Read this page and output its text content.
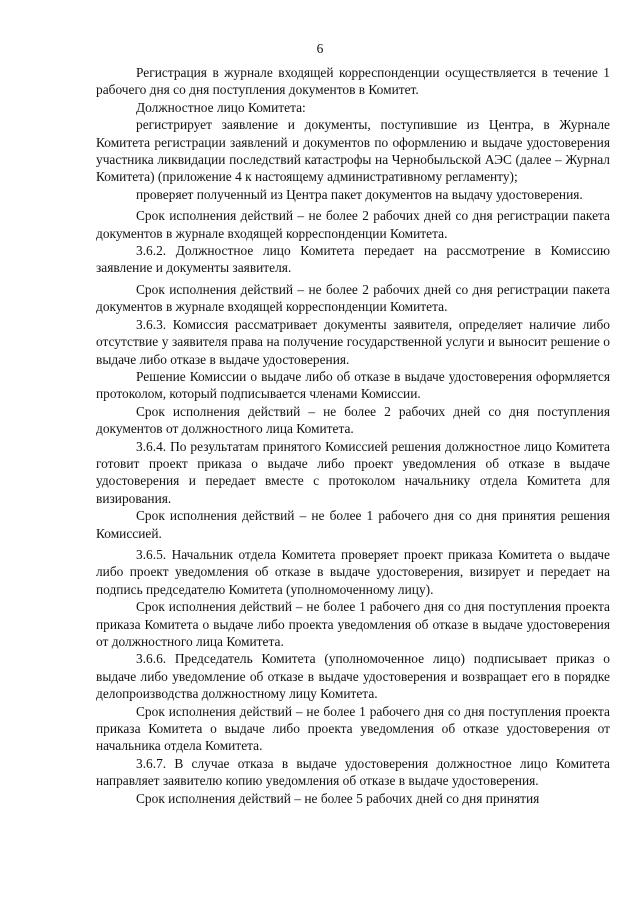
6

Регистрация в журнале входящей корреспонденции осуществляется в течение 1 рабочего дня со дня поступления документов в Комитет.

Должностное лицо Комитета:

регистрирует заявление и документы, поступившие из Центра, в Журнале Комитета регистрации заявлений и документов по оформлению и выдаче удостоверения участника ликвидации последствий катастрофы на Чернобыльской АЭС (далее – Журнал Комитета) (приложение 4 к настоящему административному регламенту);

проверяет полученный из Центра пакет документов на выдачу удостоверения.

Срок исполнения действий – не более 2 рабочих дней со дня регистрации пакета документов в журнале входящей корреспонденции Комитета.

3.6.2. Должностное лицо Комитета передает на рассмотрение в Комиссию заявление и документы заявителя.

Срок исполнения действий – не более 2 рабочих дней со дня регистрации пакета документов в журнале входящей корреспонденции Комитета.

3.6.3. Комиссия рассматривает документы заявителя, определяет наличие либо отсутствие у заявителя права на получение государственной услуги и выносит решение о выдаче либо отказе в выдаче удостоверения.

Решение Комиссии о выдаче либо об отказе в выдаче удостоверения оформляется протоколом, который подписывается членами Комиссии.

Срок исполнения действий – не более 2 рабочих дней со дня поступления документов от должностного лица Комитета.

3.6.4. По результатам принятого Комиссией решения должностное лицо Комитета готовит проект приказа о выдаче либо проект уведомления об отказе в выдаче удостоверения и передает вместе с протоколом начальнику отдела Комитета для визирования.

Срок исполнения действий – не более 1 рабочего дня со дня принятия решения Комиссией.

3.6.5. Начальник отдела Комитета проверяет проект приказа Комитета о выдаче либо проект уведомления об отказе в выдаче удостоверения, визирует и передает на подпись председателю Комитета (уполномоченному лицу).

Срок исполнения действий – не более 1 рабочего дня со дня поступления проекта приказа Комитета о выдаче либо проекта уведомления об отказе в выдаче удостоверения от должностного лица Комитета.

3.6.6. Председатель Комитета (уполномоченное лицо) подписывает приказ о выдаче либо уведомление об отказе в выдаче удостоверения и возвращает его в порядке делопроизводства должностному лицу Комитета.

Срок исполнения действий – не более 1 рабочего дня со дня поступления проекта приказа Комитета о выдаче либо проекта уведомления об отказе удостоверения от начальника отдела Комитета.

3.6.7. В случае отказа в выдаче удостоверения должностное лицо Комитета направляет заявителю копию уведомления об отказе в выдаче удостоверения.

Срок исполнения действий – не более 5 рабочих дней со дня принятия
